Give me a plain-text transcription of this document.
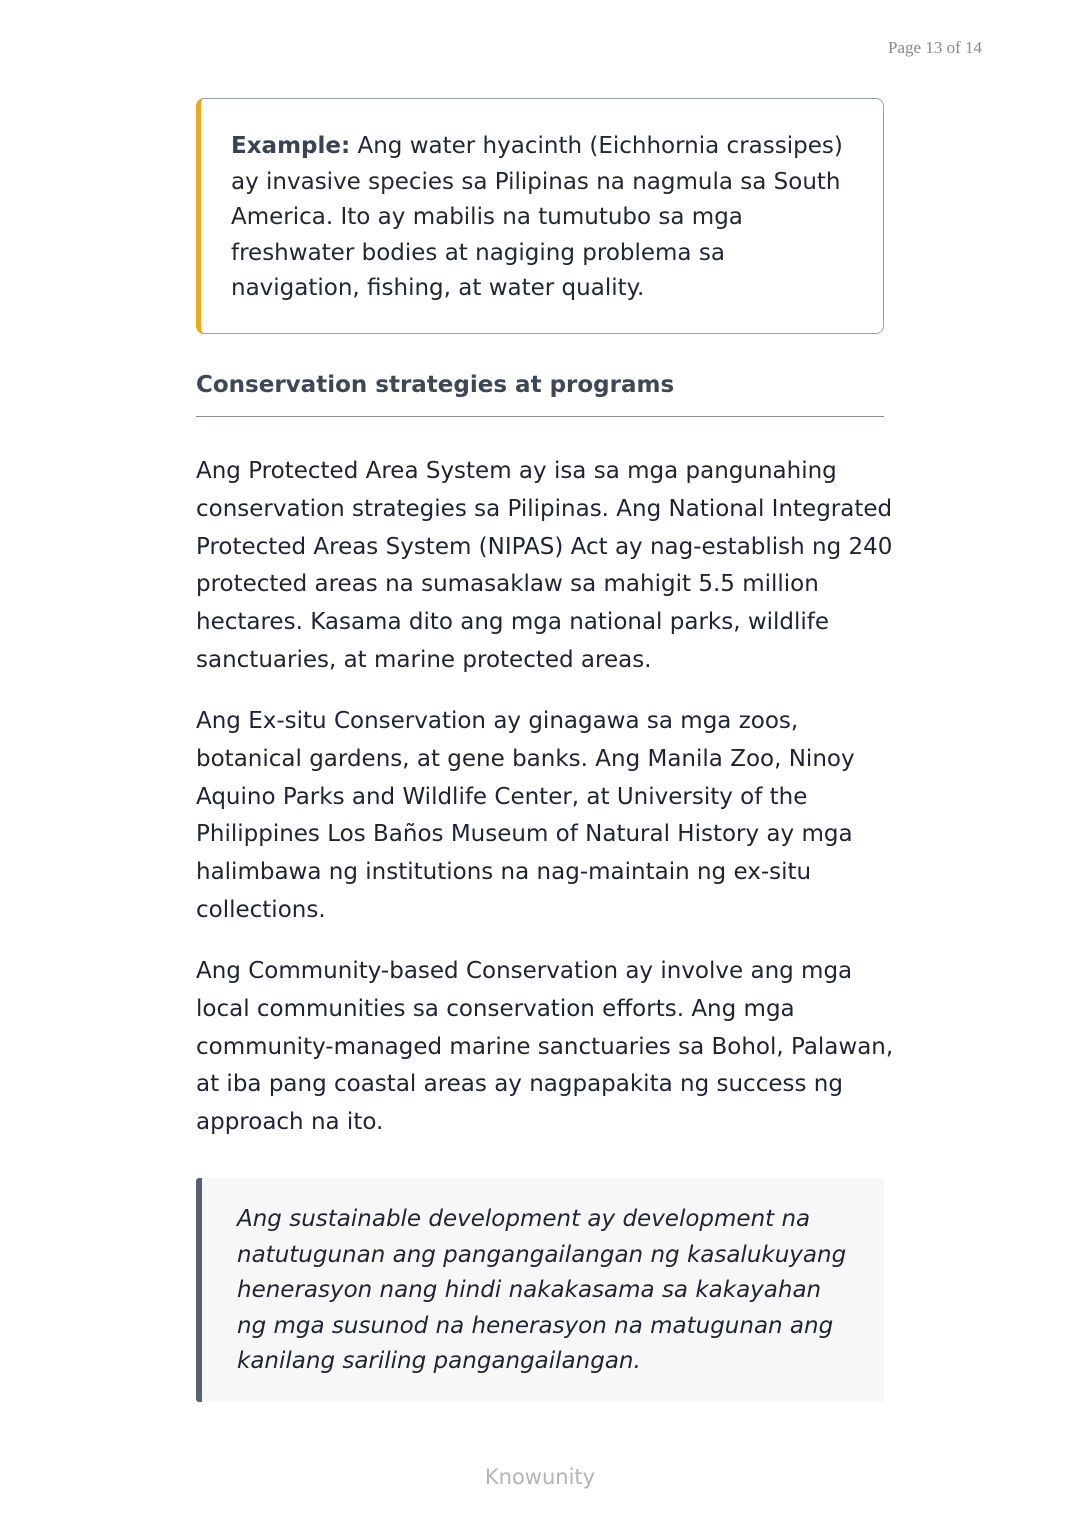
Page 13 of 14
Example: Ang water hyacinth (Eichhornia crassipes) ay invasive species sa Pilipinas na nagmula sa South America. Ito ay mabilis na tumutubo sa mga freshwater bodies at nagiging problema sa navigation, fishing, at water quality.
Conservation strategies at programs

Ang Protected Area System ay isa sa mga pangunahing conservation strategies sa Pilipinas. Ang National Integrated Protected Areas System (NIPAS) Act ay nag-establish ng 240 protected areas na sumasaklaw sa mahigit 5.5 million hectares. Kasama dito ang mga national parks, wildlife sanctuaries, at marine protected areas.

Ang Ex-situ Conservation ay ginagawa sa mga zoos, botanical gardens, at gene banks. Ang Manila Zoo, Ninoy Aquino Parks and Wildlife Center, at University of the Philippines Los Baños Museum of Natural History ay mga halimbawa ng institutions na nag-maintain ng ex-situ collections.

Ang Community-based Conservation ay involve ang mga local communities sa conservation efforts. Ang mga community-managed marine sanctuaries sa Bohol, Palawan, at iba pang coastal areas ay nagpapakita ng success ng approach na ito.

Ang sustainable development ay development na natutugunan ang pangangailangan ng kasalukuyang henerasyon nang hindi nakakasama sa kakayahan ng mga susunod na henerasyon na matugunan ang kanilang sariling pangangailangan.
Knowunity
